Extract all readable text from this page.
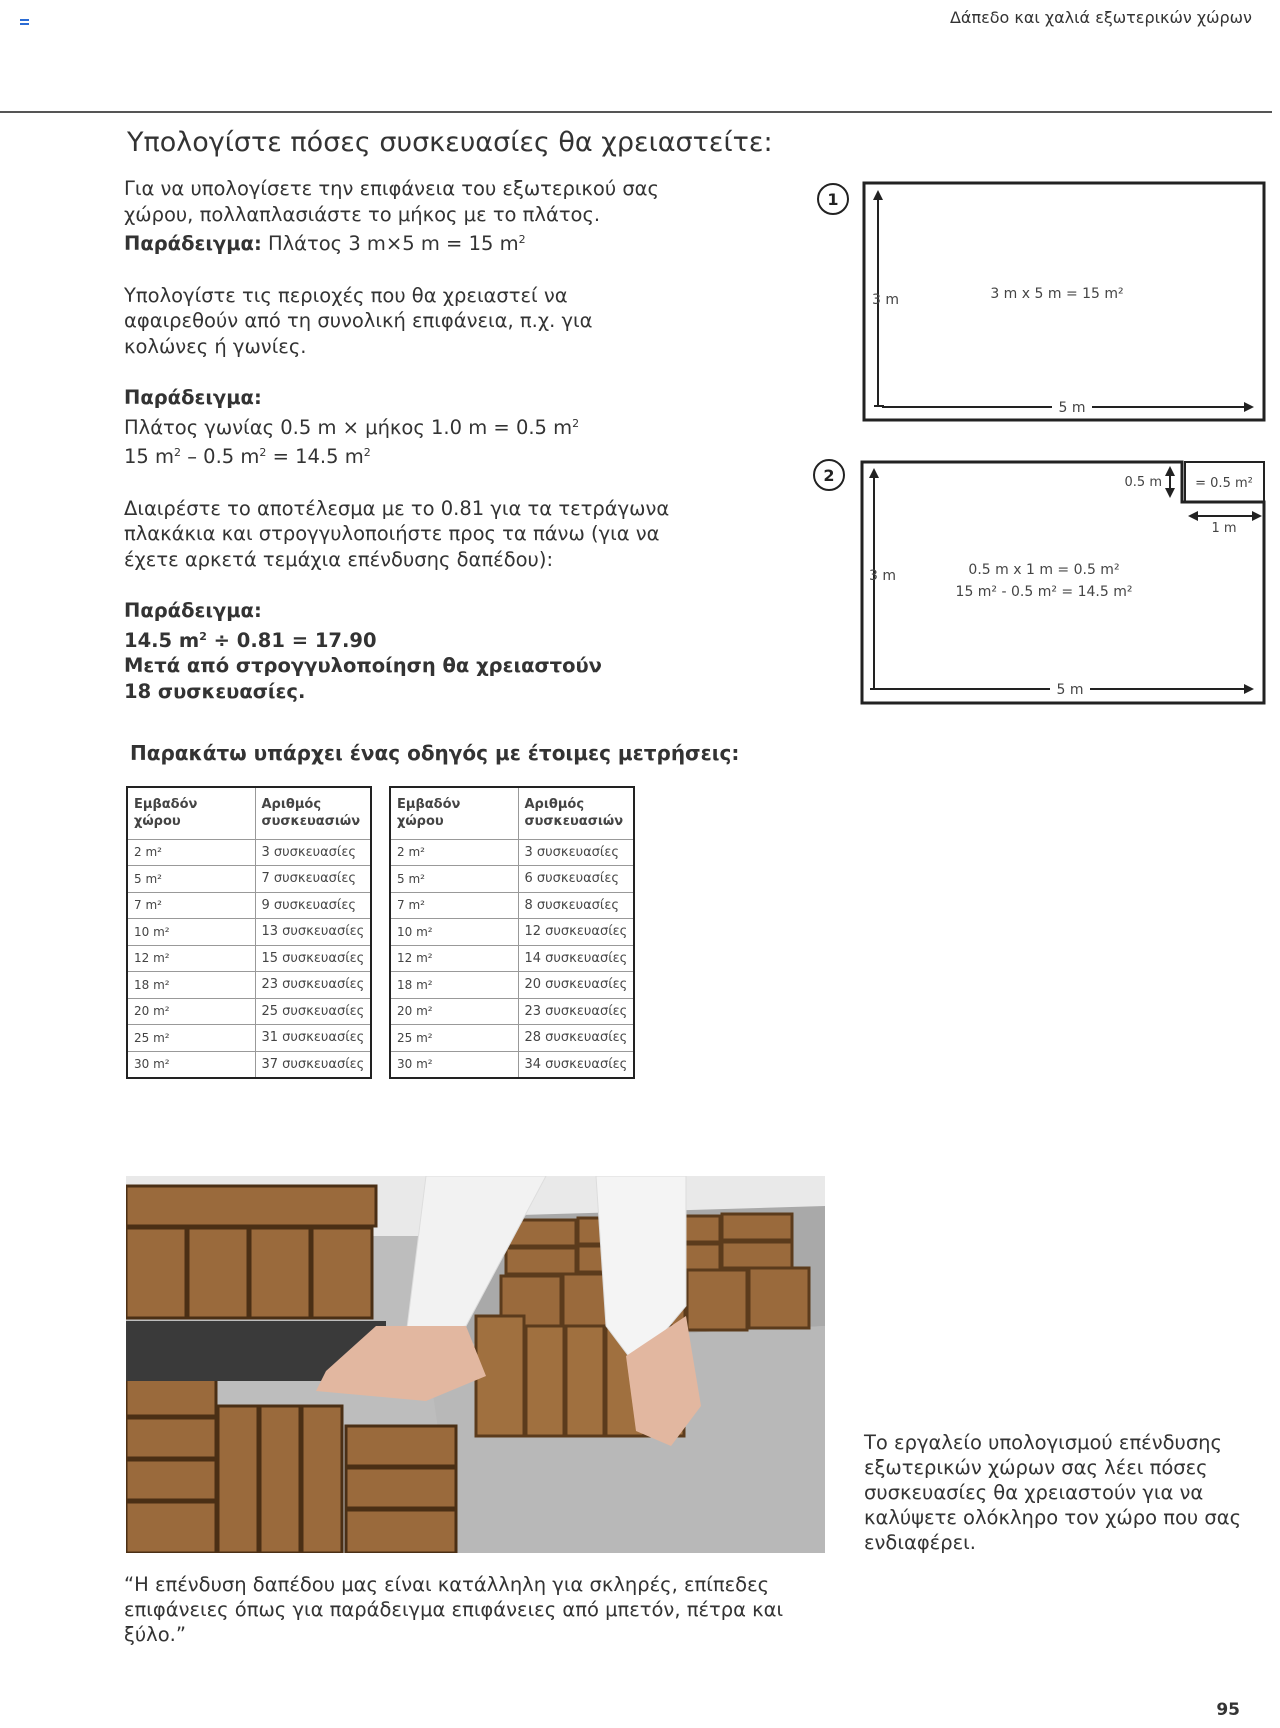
Δάπεδο και χαλιά εξωτερικών χώρων
Υπολογίστε πόσες συσκευασίες θα χρειαστείτε:

Για να υπολογίσετε την επιφάνεια του εξωτερικού σας

χώρου, πολλαπλασιάστε το μήκος με το πλάτος.

Παράδειγμα: Πλάτος 3 m×5 m = 15 $m^2$

Υπολογίστε τις περιοχές που θα χρειαστεί να

αφαιρεθούν από τη συνολική επιφάνεια, π.χ. για

κολώνες ή γωνίες.

Παράδειγμα:

Πλάτος γωνίας 0.5 m × μήκος 1.0 m = 0.5 $m^2$

15 $m^2 - 0.5$ $m^2 = 14.5$ $m^2$

Διαιρέστε το αποτέλεσμα με το 0.81 για τα τετράγωνα

πλακάκια και στρογγυλοποιήστε προς τα πάνω (για να

έχετε αρκετά τεμάχια επένδυσης δαπέδου):

Παράδειγμα:

14.5 $m^2 \div 0.81 = 17.90$

Μετά από στρογγυλοποίηση θα χρειαστούν

18 συσκευασίες.

1
3 m
5 m
3 m x 5 m = 15 m²
2	= 0.5 m²
0.5 m
1 m
3 m
5 m
0.5 m x 1 m = 0.5 m²
15 m² - 0.5 m² = 14.5 m²
Παρακάτω υπάρχει ένας οδηγός με έτοιμες μετρήσεις:
Εμβαδόν
χώρου	Αριθμός
συσκευασιών
2 m²	3 συσκευασίες
5 m²	7 συσκευασίες
7 m²	9 συσκευασίες
10 m²	13 συσκευασίες
12 m²	15 συσκευασίες
18 m²	23 συσκευασίες
20 m²	25 συσκευασίες
25 m²	31 συσκευασίες
30 m²	37 συσκευασίες
Εμβαδόν
χώρου	Αριθμός
συσκευασιών
2 m²	3 συσκευασίες
5 m²	6 συσκευασίες
7 m²	8 συσκευασίες
10 m²	12 συσκευασίες
12 m²	14 συσκευασίες
18 m²	20 συσκευασίες
20 m²	23 συσκευασίες
25 m²	28 συσκευασίες
30 m²	34 συσκευασίες

“Η επένδυση δαπέδου μας είναι κατάλληλη για σκληρές, επίπεδες επιφάνειες όπως για παράδειγμα επιφάνειες από μπετόν, πέτρα και ξύλο.”

Το εργαλείο υπολογισμού επένδυσης εξωτερικών χώρων σας λέει πόσες συσκευασίες θα χρειαστούν για να καλύψετε ολόκληρο τον χώρο που σας ενδιαφέρει.

95
